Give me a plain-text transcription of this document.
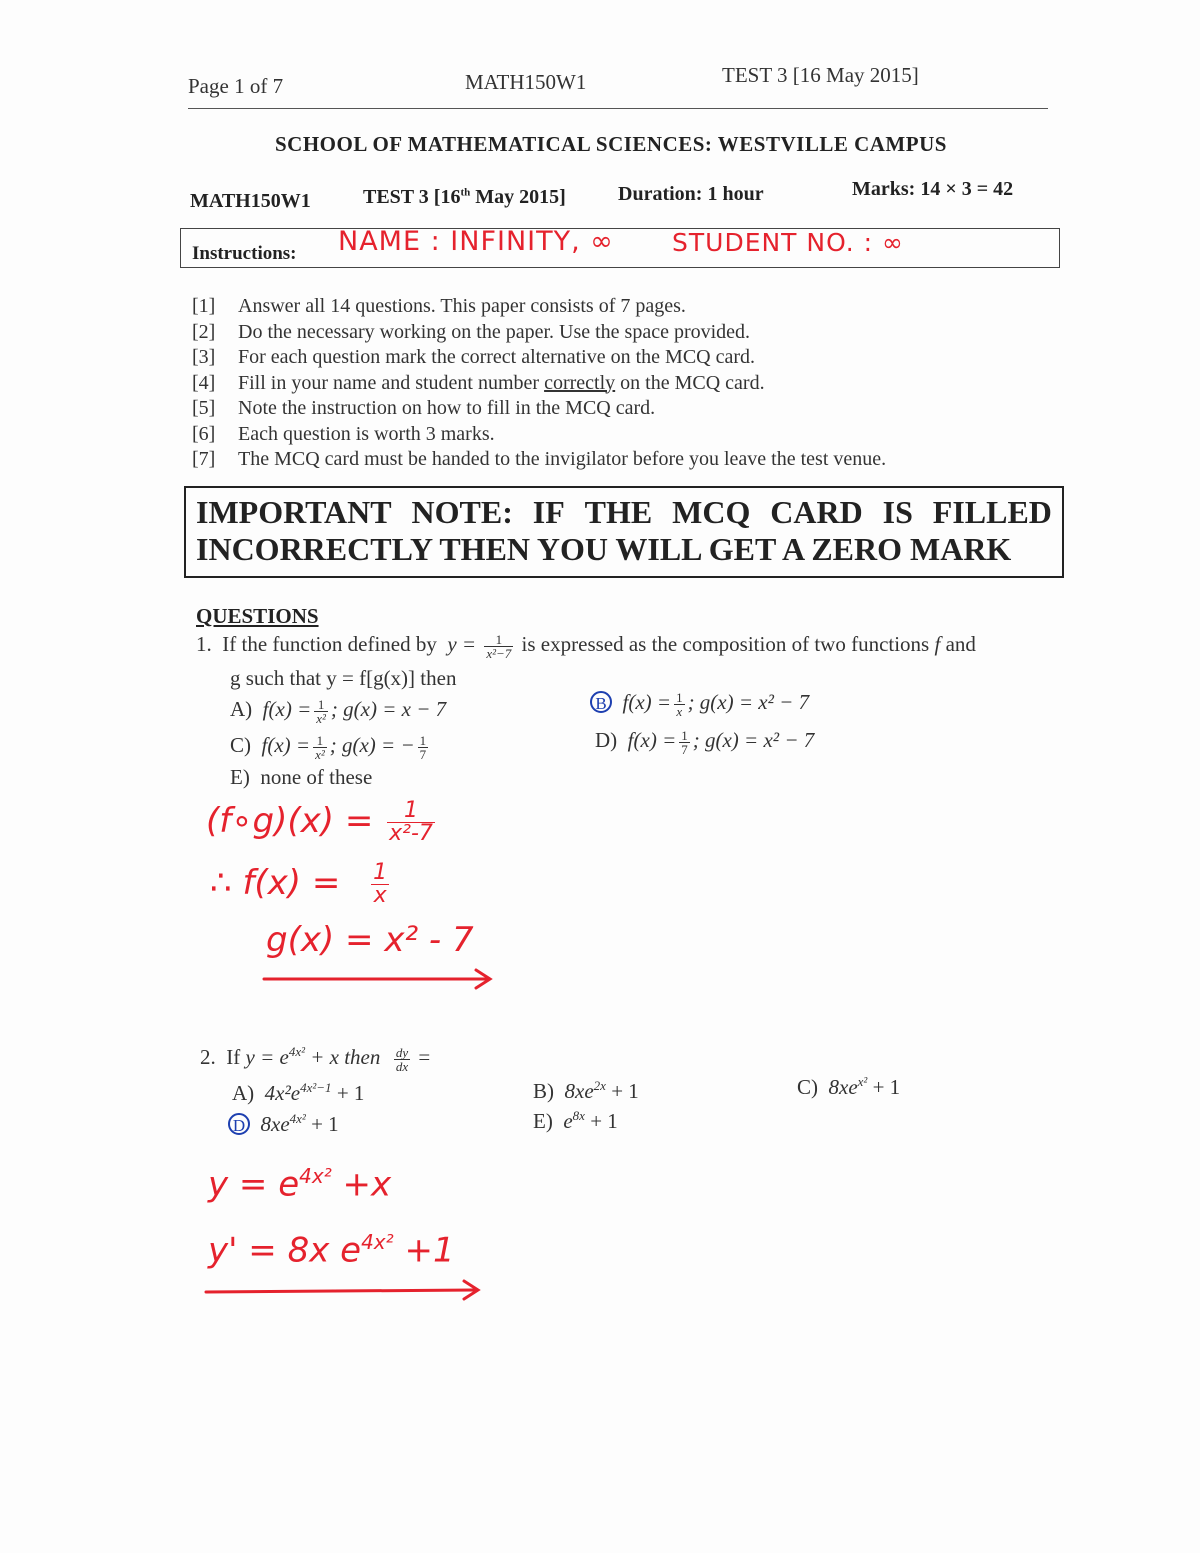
Page 1 of 7	MATH150W1	TEST 3 [16 May 2015]
SCHOOL OF MATHEMATICAL SCIENCES: WESTVILLE CAMPUS
MATH150W1	TEST 3 [16th May 2015]	Duration: 1 hour	Marks: 14 × 3 = 42
Instructions: NAME : INFINITY, ∞ STUDENT NO. : ∞
[1]	Answer all 14 questions. This paper consists of 7 pages.
[2]	Do the necessary working on the paper. Use the space provided.
[3]	For each question mark the correct alternative on the MCQ card.
[4]	Fill in your name and student number correctly on the MCQ card.
[5]	Note the instruction on how to fill in the MCQ card.
[6]	Each question is worth 3 marks.
[7]	The MCQ card must be handed to the invigilator before you leave the test venue.
IMPORTANT NOTE: IF THE MCQ CARD IS FILLED
INCORRECTLY THEN YOU WILL GET A ZERO MARK
QUESTIONS
1. If the function defined by $y = \frac{1}{\text{x²−7}}$ is expressed as the composition of two functions f and
g such that y = f[g(x)] then
A) $f(x) = \frac{1}{\text{x²}}$ ; g(x) = x − 7	B $f(x) = \frac{1}{x}$ ; g(x) = x² − 7
C) $f(x) = \frac{1}{\text{x²}}$ ; g(x) = − $\frac{1}{7}$	D) $f(x) = \frac{1}{7}$ ; g(x) = x² − 7
E) none of these
(f∘g)(x) = $\frac{1}{\text{x²-7}}$
∴ $f(x) = \frac{1}{x}$
g(x) = x² - 7
2. If $y = e^{4x^2} + x$ then $\frac{dy}{dx}$ =
A) $4x^2e^{4x^2-1} + 1$	B) $8xe^{2x} + 1$	C) $8xe^{x^2} + 1$
D $8xe^{4x^2} + 1$	E) $e^{8x} + 1$
$y = e^{4x^2} +x$
y' = 8x $e^{4x^2} +1$
